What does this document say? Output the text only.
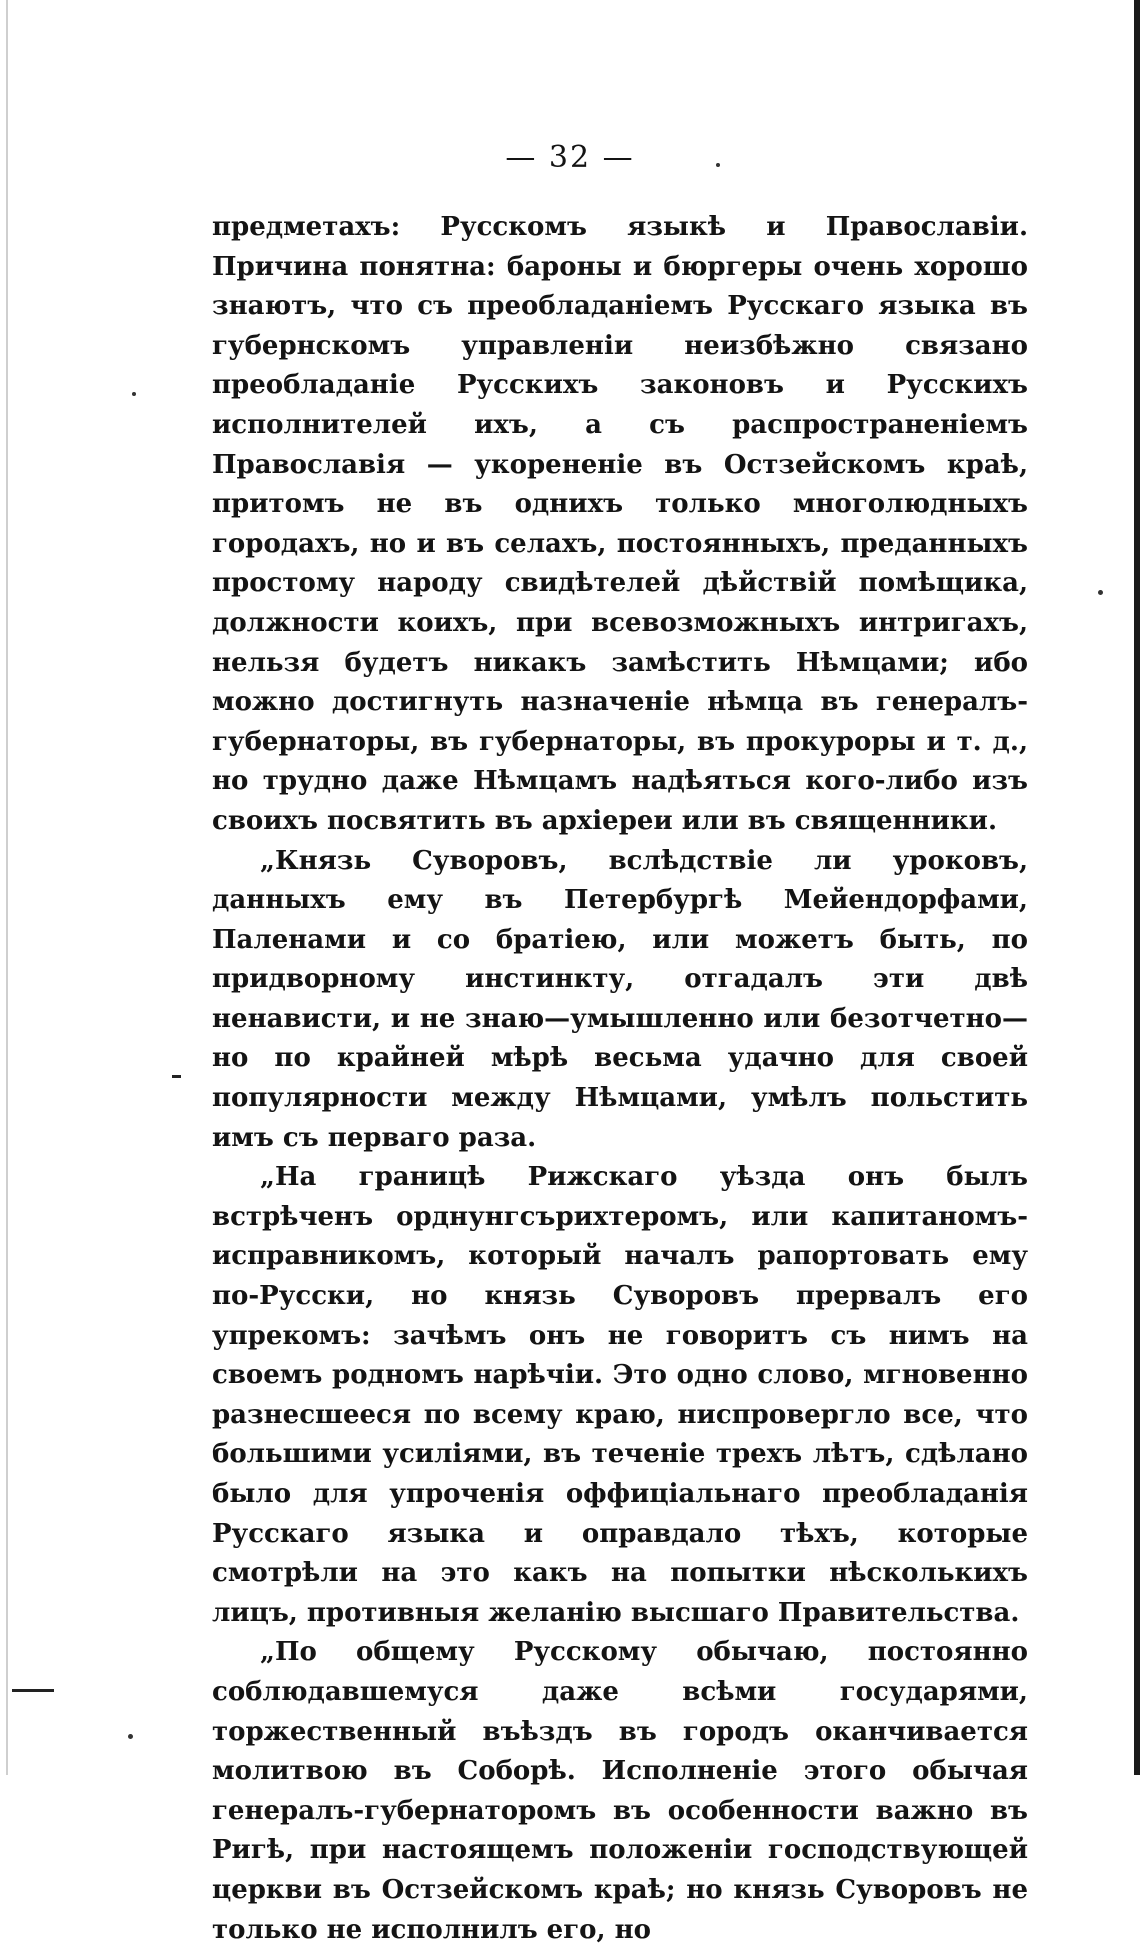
— 32 —

предметахъ: Русскомъ языкѣ и Православіи. Причина понятна: бароны и бюргеры очень хорошо знаютъ, что съ преобладаніемъ Русскаго языка въ губернскомъ управленіи неизбѣжно связано преобладаніе Русскихъ законовъ и Русскихъ исполнителей ихъ, а съ распространеніемъ Православія — укорененіе въ Остзейскомъ краѣ, притомъ не въ однихъ только многолюдныхъ городахъ, но и въ селахъ, постоянныхъ, преданныхъ простому народу свидѣтелей дѣйствій помѣщика, должности коихъ, при всевозможныхъ интригахъ, нельзя будетъ никакъ замѣстить Нѣмцами; ибо можно достигнуть назначеніе нѣмца въ генералъ-губернаторы, въ губернаторы, въ прокуроры и т. д., но трудно даже Нѣмцамъ надѣяться кого-либо изъ своихъ посвятить въ архіереи или въ священники.

„Князь Суворовъ, вслѣдствіе ли уроковъ, данныхъ ему въ Петербургѣ Мейендорфами, Паленами и со братіею, или можетъ быть, по придворному инстинкту, отгадалъ эти двѣ ненависти, и не знаю—умышленно или безотчетно—но по крайней мѣрѣ весьма удачно для своей популярности между Нѣмцами, умѣлъ польстить имъ съ перваго раза.

„На границѣ Рижскаго уѣзда онъ былъ встрѣченъ орднунгсърихтеромъ, или капитаномъ-исправникомъ, который началъ рапортовать ему по-Русски, но князь Суворовъ прервалъ его упрекомъ: зачѣмъ онъ не говоритъ съ нимъ на своемъ родномъ нарѣчіи. Это одно слово, мгновенно разнесшееся по всему краю, ниспровергло все, что большими усиліями, въ теченіе трехъ лѣтъ, сдѣлано было для упроченія оффиціальнаго преобладанія Русскаго языка и оправдало тѣхъ, которые смотрѣли на это какъ на попытки нѣсколькихъ лицъ, противныя желанію высшаго Правительства.

„По общему Русскому обычаю, постоянно соблюдавшемуся даже всѣми государями, торжественный въѣздъ въ городъ оканчивается молитвою въ Соборѣ. Исполненіе этого обычая генералъ-губернаторомъ въ особенности важно въ Ригѣ, при настоящемъ положеніи господствующей церкви въ Остзейскомъ краѣ; но князь Суворовъ не только не исполнилъ его, но
